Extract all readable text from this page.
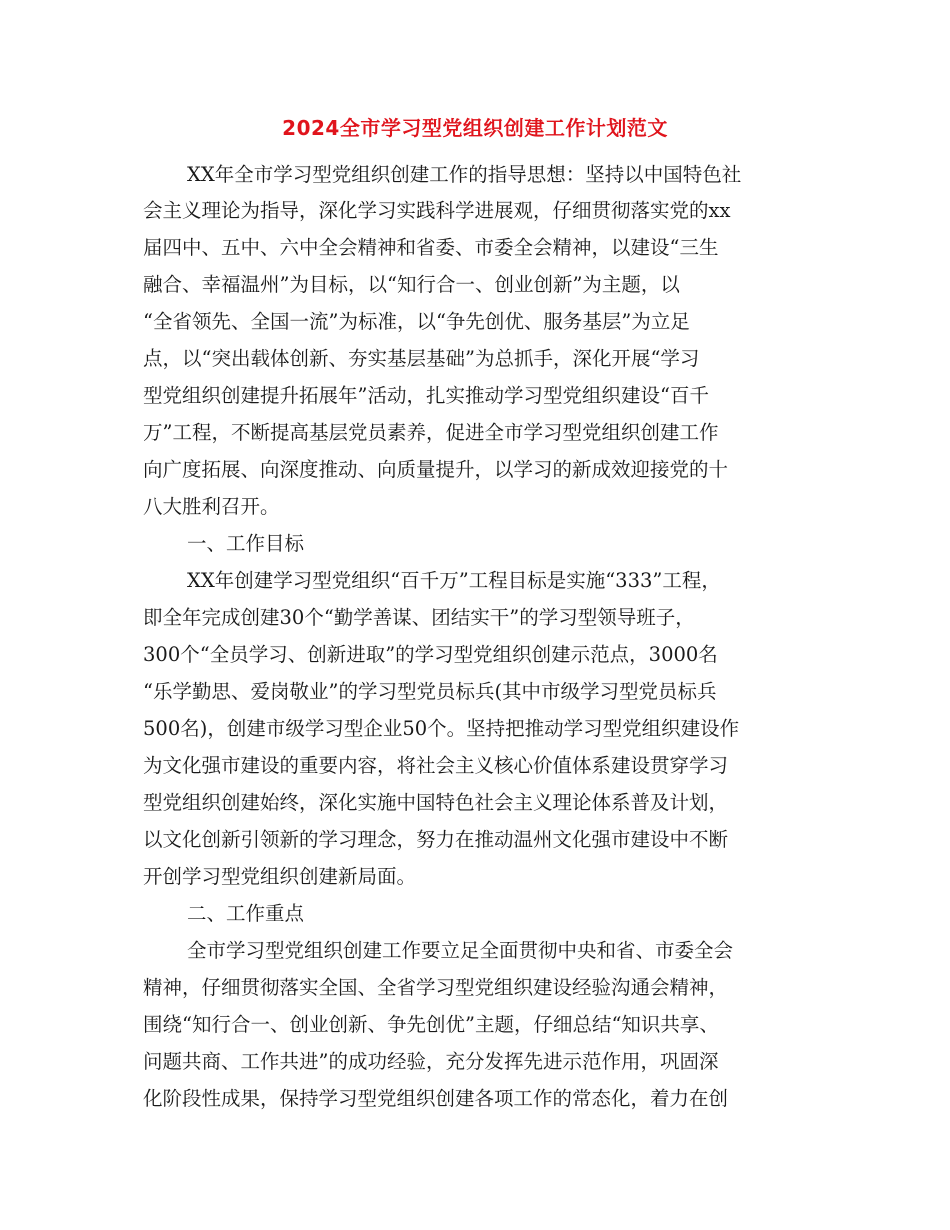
2024全市学习型党组织创建工作计划范文
XX年全市学习型党组织创建工作的指导思想：坚持以中国特色社
会主义理论为指导，深化学习实践科学进展观，仔细贯彻落实党的xx
届四中、五中、六中全会精神和省委、市委全会精神，以建设“三生
融合、幸福温州”为目标，以“知行合一、创业创新”为主题，以
“全省领先、全国一流”为标准，以“争先创优、服务基层”为立足
点，以“突出载体创新、夯实基层基础”为总抓手，深化开展“学习
型党组织创建提升拓展年”活动，扎实推动学习型党组织建设“百千
万”工程，不断提高基层党员素养，促进全市学习型党组织创建工作
向广度拓展、向深度推动、向质量提升，以学习的新成效迎接党的十
八大胜利召开。
一、工作目标
XX年创建学习型党组织“百千万”工程目标是实施“333”工程，
即全年完成创建30个“勤学善谋、团结实干”的学习型领导班子，
300个“全员学习、创新进取”的学习型党组织创建示范点，3000名
“乐学勤思、爱岗敬业”的学习型党员标兵(其中市级学习型党员标兵
500名)，创建市级学习型企业50个。坚持把推动学习型党组织建设作
为文化强市建设的重要内容，将社会主义核心价值体系建设贯穿学习
型党组织创建始终，深化实施中国特色社会主义理论体系普及计划，
以文化创新引领新的学习理念，努力在推动温州文化强市建设中不断
开创学习型党组织创建新局面。
二、工作重点
全市学习型党组织创建工作要立足全面贯彻中央和省、市委全会
精神，仔细贯彻落实全国、全省学习型党组织建设经验沟通会精神，
围绕“知行合一、创业创新、争先创优”主题，仔细总结“知识共享、
问题共商、工作共进”的成功经验，充分发挥先进示范作用，巩固深
化阶段性成果，保持学习型党组织创建各项工作的常态化，着力在创
